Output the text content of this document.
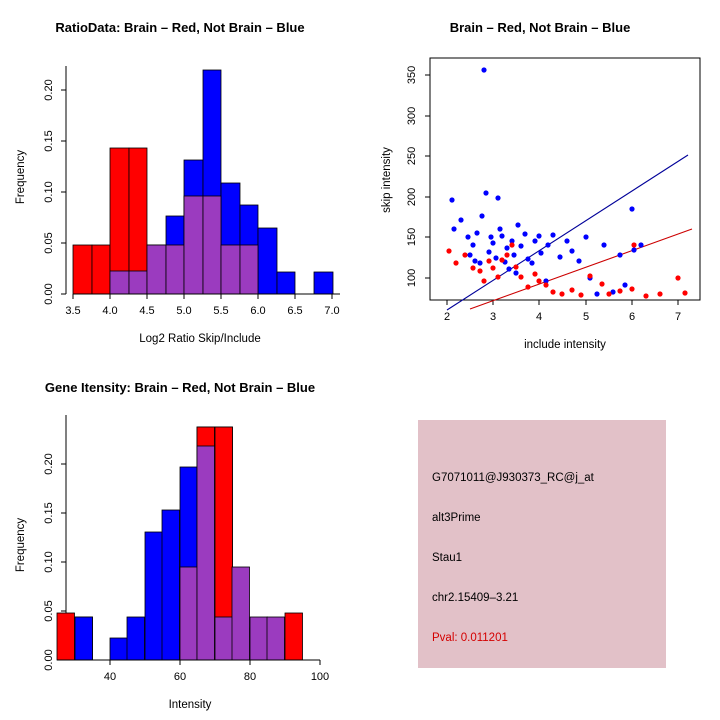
RatioData: Brain – Red, Not Brain – Blue
0.00
0.05
0.10
0.15
0.20
Frequency
3.5 4.0 4.5 5.0 5.5 6.0 6.5 7.0
Log2 Ratio Skip/Include
Brain – Red, Not Brain – Blue
100
150
200
250
300
350
skip intensity
2	3	4	5	6	7
include intensity
Gene Itensity: Brain – Red, Not Brain – Blue
0.00
0.05
0.10
0.15
0.20
Frequency
40	60	80	100
Intensity
G7071011@J930373_RC@j_at
alt3Prime
Stau1
chr2.15409–3.21
Pval: 0.011201
